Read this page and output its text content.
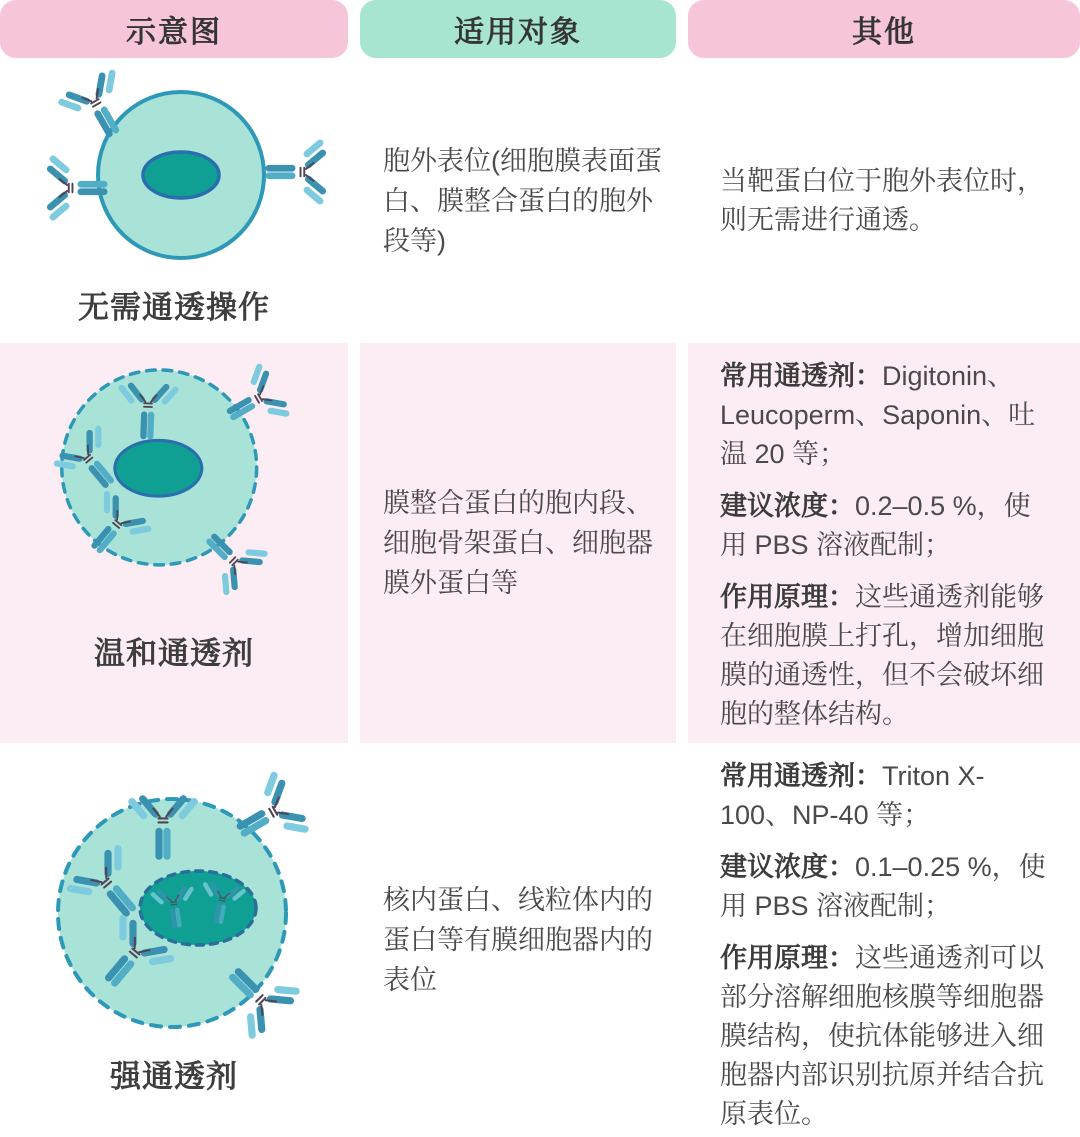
示意图	适用对象	其他
无需通透操作
胞外表位(细胞膜表面蛋白、膜整合蛋白的胞外段等)

当靶蛋白位于胞外表位时，则无需进行通透。

温和通透剂
膜整合蛋白的胞内段、细胞骨架蛋白、细胞器膜外蛋白等

常用通透剂：Digitonin、Leucoperm、Saponin、吐温 20 等；

建议浓度：0.2–0.5 %，使用 PBS 溶液配制；

作用原理：这些通透剂能够在细胞膜上打孔，增加细胞膜的通透性，但不会破坏细胞的整体结构。

强通透剂
核内蛋白、线粒体内的蛋白等有膜细胞器内的表位

常用通透剂：Triton X-100、NP-40 等；

建议浓度：0.1–0.25 %，使用 PBS 溶液配制；

作用原理：这些通透剂可以部分溶解细胞核膜等细胞器膜结构，使抗体能够进入细胞器内部识别抗原并结合抗原表位。
